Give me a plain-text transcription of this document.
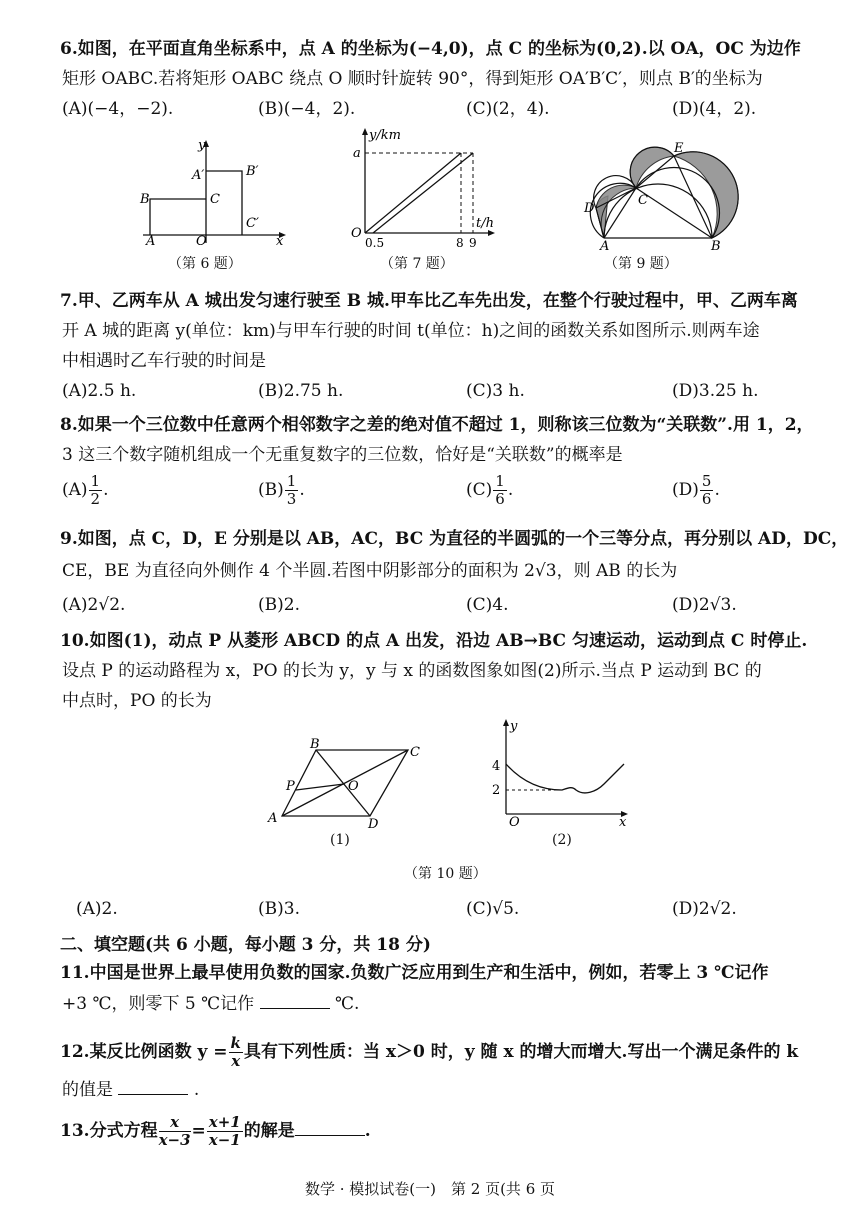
6.如图，在平面直角坐标系中，点 A 的坐标为(−4,0)，点 C 的坐标为(0,2).以 OA，OC 为边作
矩形 OABC.若将矩形 OABC 绕点 O 顺时针旋转 90°，得到矩形 OA′B′C′，则点 B′的坐标为
(A)(−4，−2).	(B)(−4，2).	(C)(2，4).	(D)(4，2).
y
x
A
B	C
O
A′	B′
C′
（第 6 题）
y/km
t/h
a
O
0.5	8 9
（第 7 题）
A	B
C
D
E
（第 9 题）
7.甲、乙两车从 A 城出发匀速行驶至 B 城.甲车比乙车先出发，在整个行驶过程中，甲、乙两车离
开 A 城的距离 y(单位：km)与甲车行驶的时间 t(单位：h)之间的函数关系如图所示.则两车途
中相遇时乙车行驶的时间是
(A)2.5 h.	(B)2.75 h.	(C)3 h.	(D)3.25 h.
8.如果一个三位数中任意两个相邻数字之差的绝对值不超过 1，则称该三位数为“关联数”.用 1，2，
3 这三个数字随机组成一个无重复数字的三位数，恰好是“关联数”的概率是
$(A) \frac{1}{2}$ .	$(B) \frac{1}{3}$ .	$(C) \frac{1}{6}$ .	$(D) \frac{5}{6}$ .
9.如图，点 C，D，E 分别是以 AB，AC，BC 为直径的半圆弧的一个三等分点，再分别以 AD，DC，
CE，BE 为直径向外侧作 4 个半圆.若图中阴影部分的面积为 2√3，则 AB 的长为
(A)2√2.	(B)2.	(C)4.	(D)2√3.
10.如图(1)，动点 P 从菱形 ABCD 的点 A 出发，沿边 AB→BC 匀速运动，运动到点 C 时停止.
设点 P 的运动路程为 x，PO 的长为 y，y 与 x 的函数图象如图(2)所示.当点 P 运动到 BC 的
中点时，PO 的长为
A
B
C
D
O
P
(1)
y
x
O
4
2
(2)
（第 10 题）
(A)2.	(B)3.	(C)√5.	(D)2√2.
二、填空题(共 6 小题，每小题 3 分，共 18 分)
11.中国是世界上最早使用负数的国家.负数广泛应用到生产和生活中，例如，若零上 3 ℃记作
+3 ℃，则零下 5 ℃记作	℃.
12.某反比例函数 $y = \frac{k}{x}$ 具有下列性质：当 x＞0 时，y 随 x 的增大而增大.写出一个满足条件的 k
的值是	.
13.分式方程 $\frac{x}{x-3} = \frac{x+1}{x-1}$ 的解是	.
数学 · 模拟试卷(一)　第 2 页(共 6 页
